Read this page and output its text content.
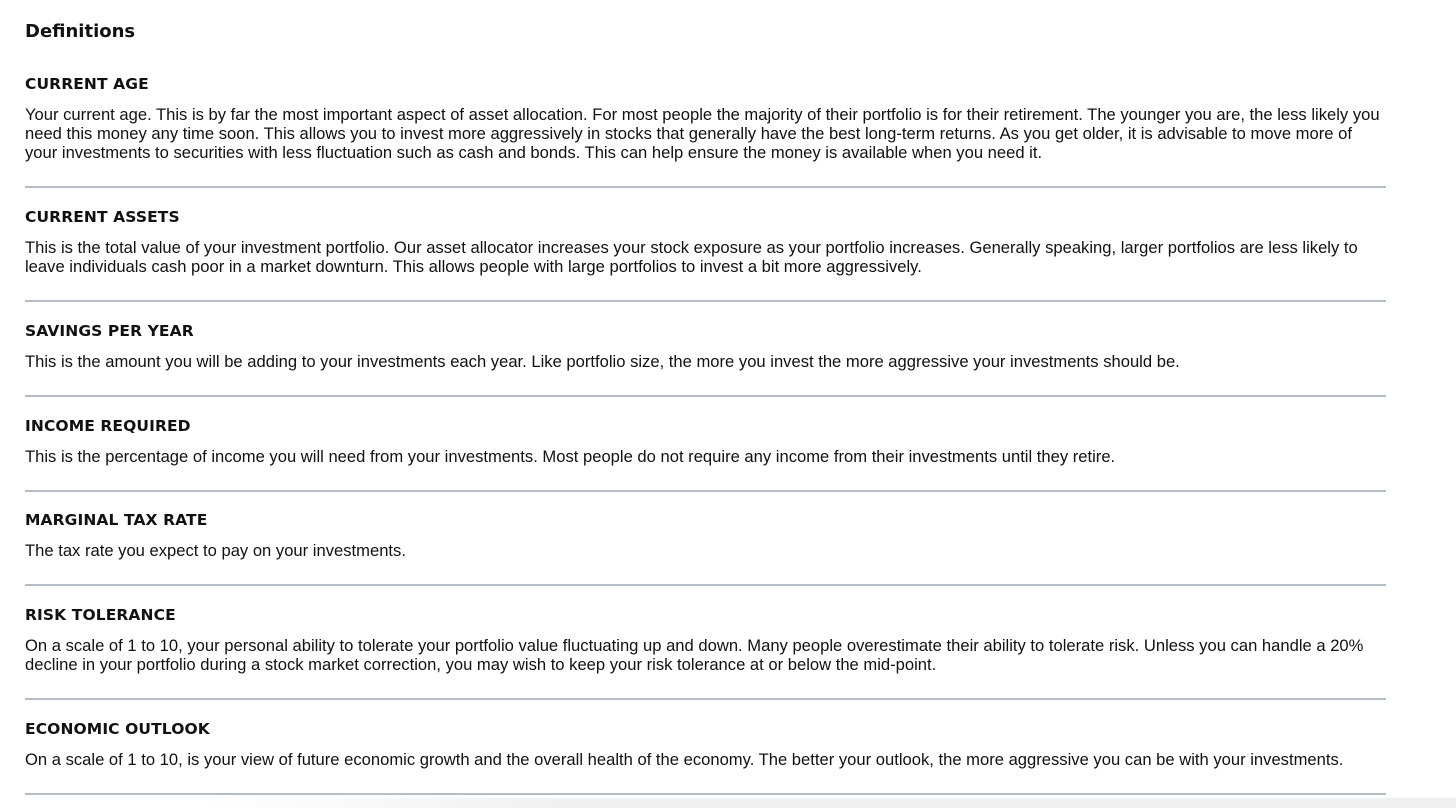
Definitions
CURRENT AGE

Your current age. This is by far the most important aspect of asset allocation. For most people the majority of their portfolio is for their retirement. The younger you are, the less likely you need this money any time soon. This allows you to invest more aggressively in stocks that generally have the best long-term returns. As you get older, it is advisable to move more of your investments to securities with less fluctuation such as cash and bonds. This can help ensure the money is available when you need it.

CURRENT ASSETS

This is the total value of your investment portfolio. Our asset allocator increases your stock exposure as your portfolio increases. Generally speaking, larger portfolios are less likely to leave individuals cash poor in a market downturn. This allows people with large portfolios to invest a bit more aggressively.

SAVINGS PER YEAR

This is the amount you will be adding to your investments each year. Like portfolio size, the more you invest the more aggressive your investments should be.

INCOME REQUIRED

This is the percentage of income you will need from your investments. Most people do not require any income from their investments until they retire.

MARGINAL TAX RATE

The tax rate you expect to pay on your investments.

RISK TOLERANCE

On a scale of 1 to 10, your personal ability to tolerate your portfolio value fluctuating up and down. Many people overestimate their ability to tolerate risk. Unless you can handle a 20% decline in your portfolio during a stock market correction, you may wish to keep your risk tolerance at or below the mid-point.

ECONOMIC OUTLOOK

On a scale of 1 to 10, is your view of future economic growth and the overall health of the economy. The better your outlook, the more aggressive you can be with your investments.
